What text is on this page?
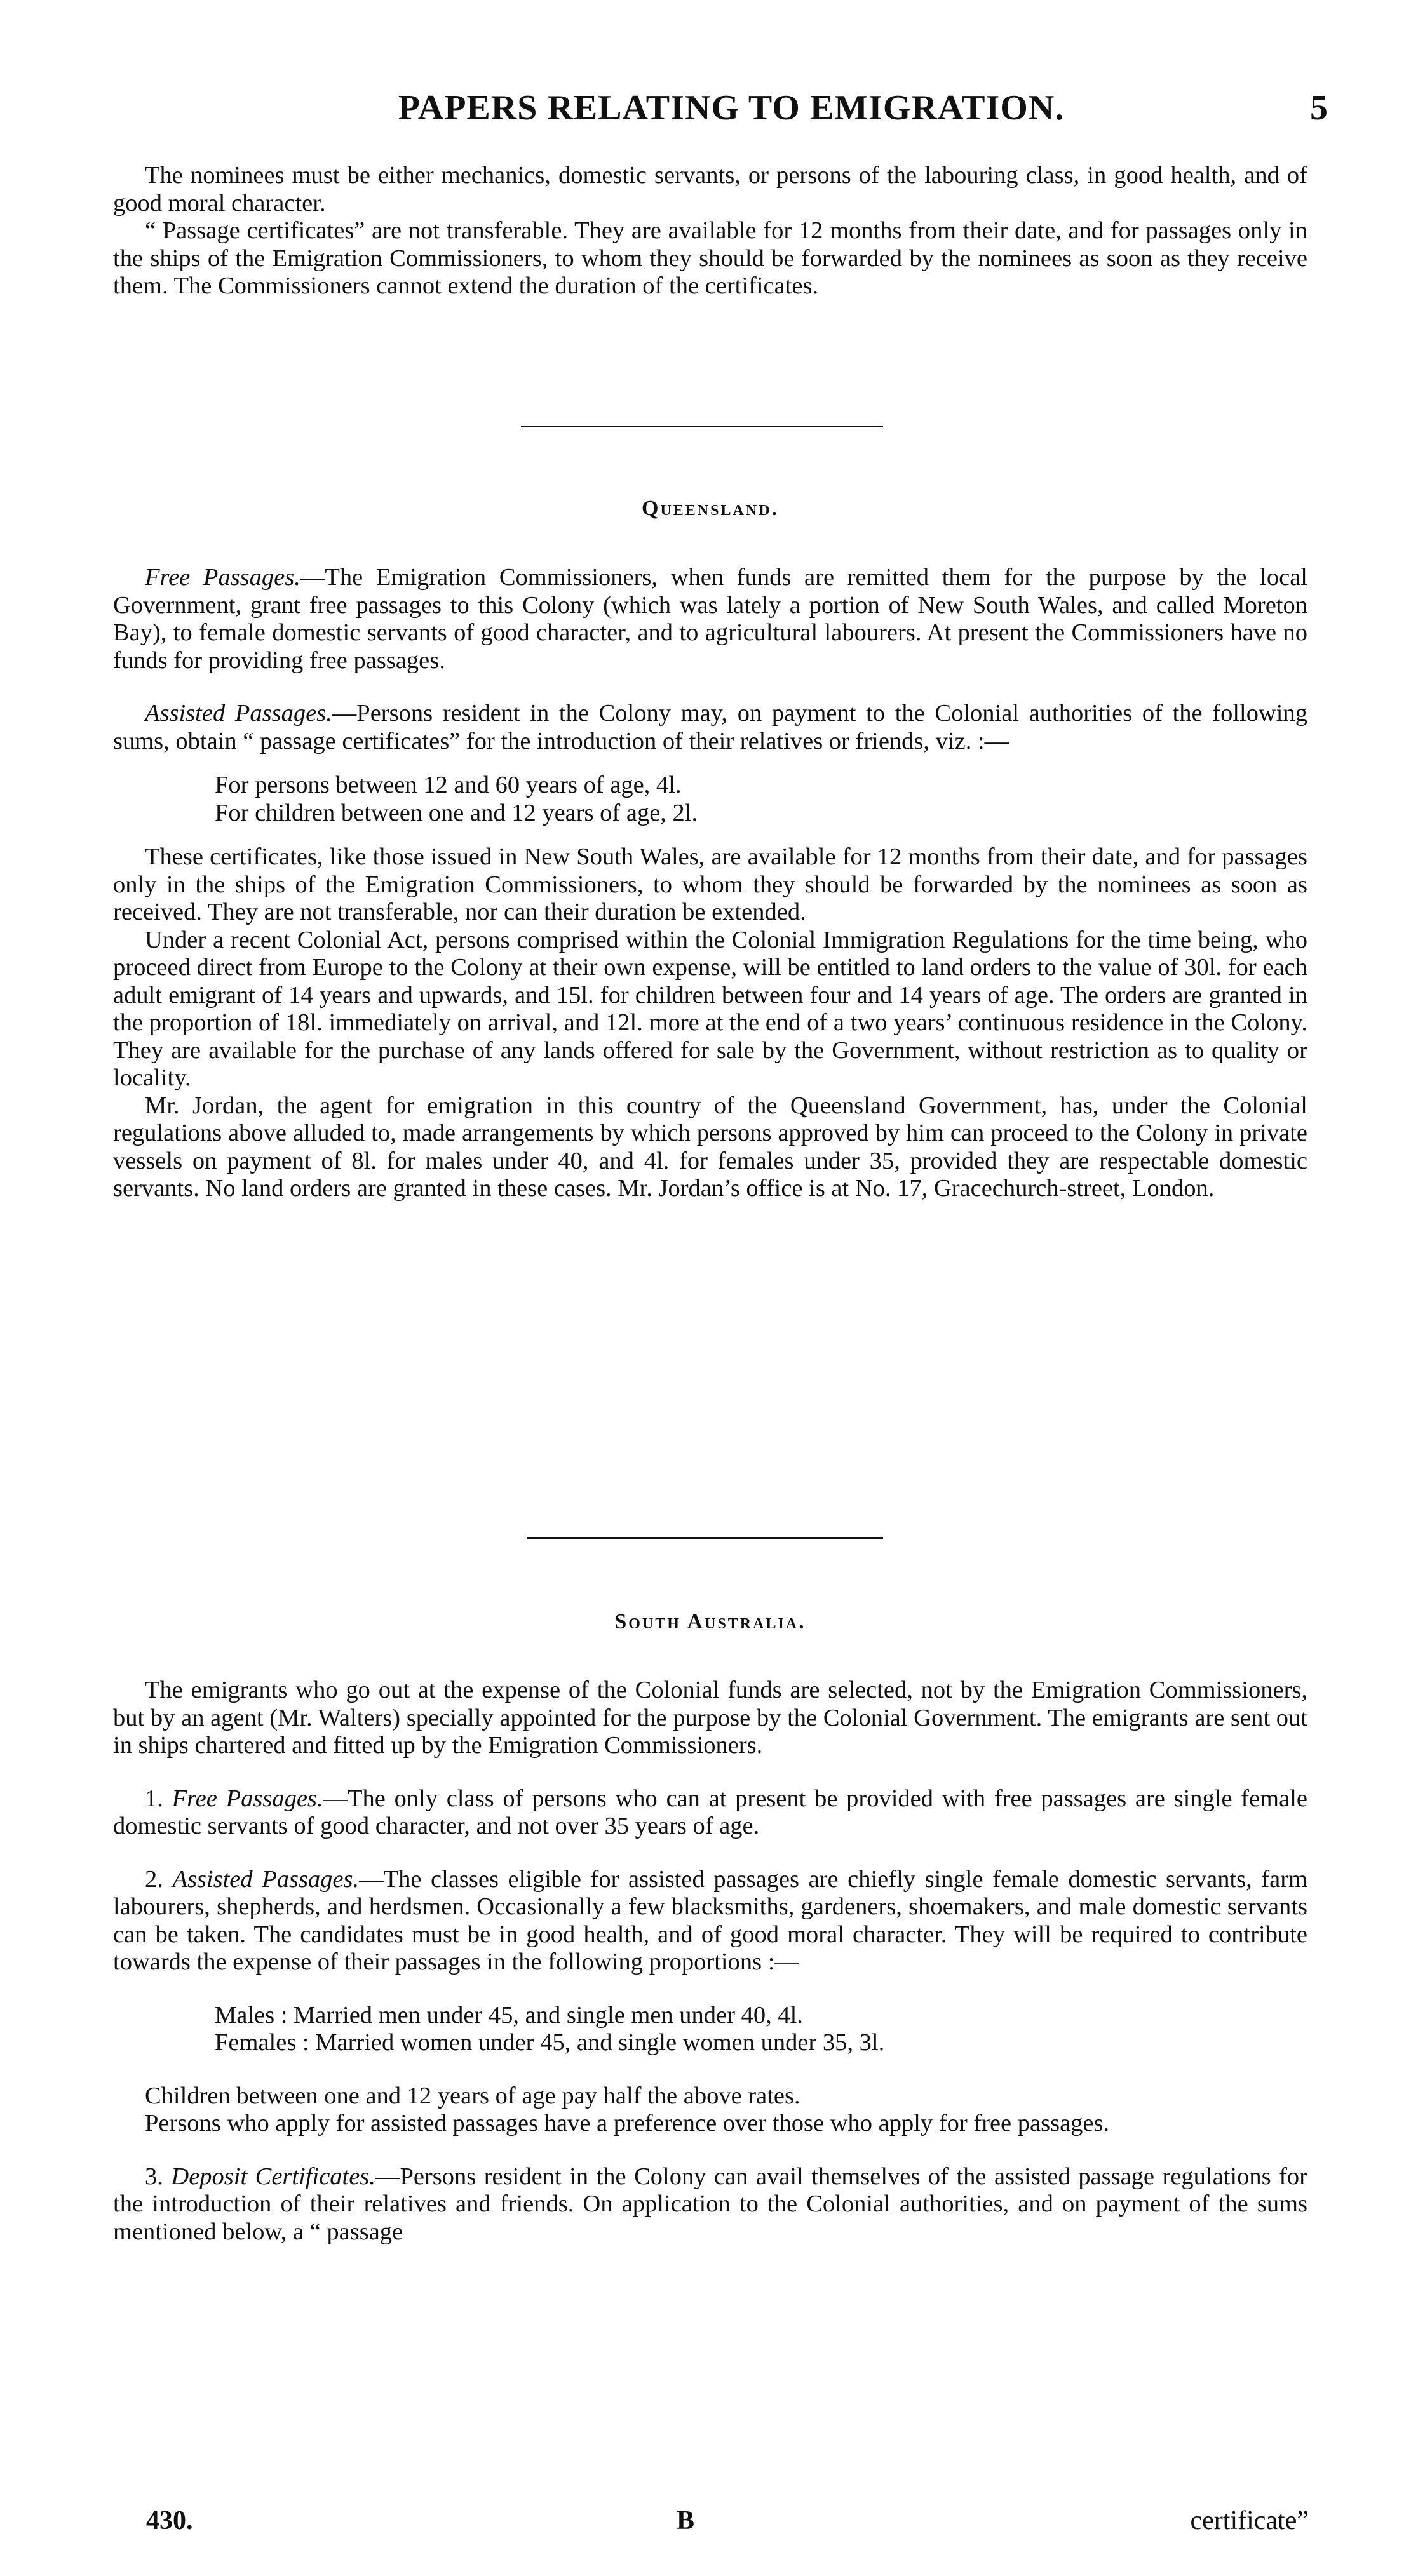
PAPERS RELATING TO EMIGRATION.	5

The nominees must be either mechanics, domestic servants, or persons of the labouring class, in good health, and of good moral character.

“ Passage certificates” are not transferable. They are available for 12 months from their date, and for passages only in the ships of the Emigration Commissioners, to whom they should be forwarded by the nominees as soon as they receive them. The Commissioners cannot extend the duration of the certificates.

Queensland.

Free Passages.—The Emigration Commissioners, when funds are remitted them for the purpose by the local Government, grant free passages to this Colony (which was lately a portion of New South Wales, and called Moreton Bay), to female domestic servants of good character, and to agricultural labourers. At present the Commissioners have no funds for providing free passages.

Assisted Passages.—Persons resident in the Colony may, on payment to the Colonial authorities of the following sums, obtain “ passage certificates” for the introduction of their relatives or friends, viz. :—

For persons between 12 and 60 years of age, 4l.
For children between one and 12 years of age, 2l.

These certificates, like those issued in New South Wales, are available for 12 months from their date, and for passages only in the ships of the Emigration Commissioners, to whom they should be forwarded by the nominees as soon as received. They are not transferable, nor can their duration be extended.

Under a recent Colonial Act, persons comprised within the Colonial Immigration Regulations for the time being, who proceed direct from Europe to the Colony at their own expense, will be entitled to land orders to the value of 30l. for each adult emigrant of 14 years and upwards, and 15l. for children between four and 14 years of age. The orders are granted in the proportion of 18l. immediately on arrival, and 12l. more at the end of a two years’ continuous residence in the Colony. They are available for the purchase of any lands offered for sale by the Government, without restriction as to quality or locality.

Mr. Jordan, the agent for emigration in this country of the Queensland Government, has, under the Colonial regulations above alluded to, made arrangements by which persons approved by him can proceed to the Colony in private vessels on payment of 8l. for males under 40, and 4l. for females under 35, provided they are respectable domestic servants. No land orders are granted in these cases. Mr. Jordan’s office is at No. 17, Gracechurch-street, London.

South Australia.

The emigrants who go out at the expense of the Colonial funds are selected, not by the Emigration Commissioners, but by an agent (Mr. Walters) specially appointed for the purpose by the Colonial Government. The emigrants are sent out in ships chartered and fitted up by the Emigration Commissioners.

1. Free Passages.—The only class of persons who can at present be provided with free passages are single female domestic servants of good character, and not over 35 years of age.

2. Assisted Passages.—The classes eligible for assisted passages are chiefly single female domestic servants, farm labourers, shepherds, and herdsmen. Occasionally a few blacksmiths, gardeners, shoemakers, and male domestic servants can be taken. The candidates must be in good health, and of good moral character. They will be required to contribute towards the expense of their passages in the following proportions :—

Males : Married men under 45, and single men under 40, 4l.
Females : Married women under 45, and single women under 35, 3l.

Children between one and 12 years of age pay half the above rates.

Persons who apply for assisted passages have a preference over those who apply for free passages.

3. Deposit Certificates.—Persons resident in the Colony can avail themselves of the assisted passage regulations for the introduction of their relatives and friends. On application to the Colonial authorities, and on payment of the sums mentioned below, a “ passage

430.	B	certificate”
